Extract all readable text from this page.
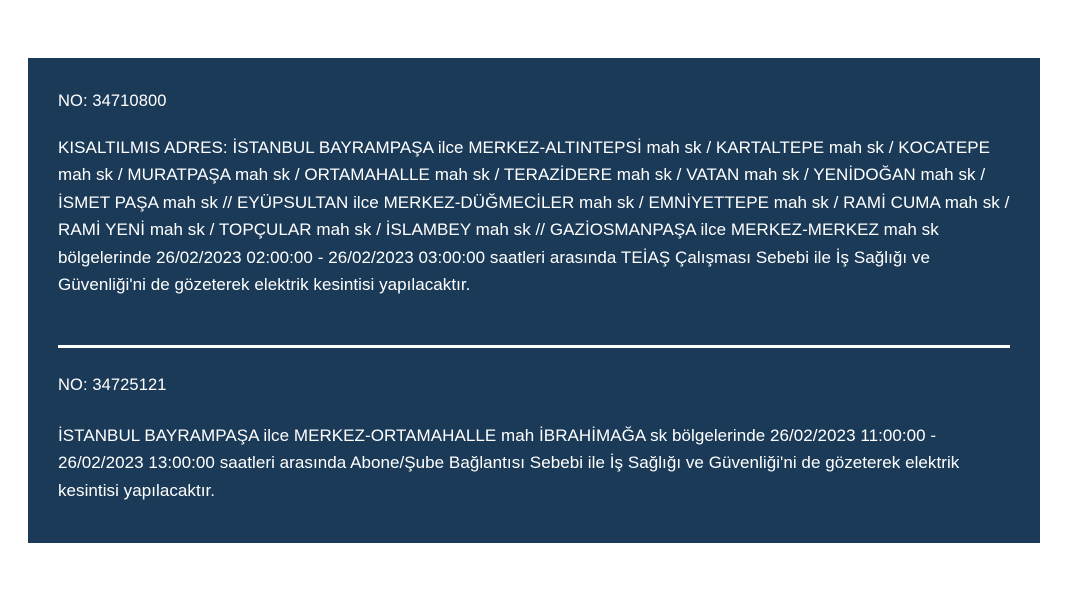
NO: 34710800
KISALTILMIS ADRES: İSTANBUL BAYRAMPAŞA ilce MERKEZ-ALTINTEPSİ mah sk / KARTALTEPE mah sk / KOCATEPE mah sk / MURATPAŞA mah sk / ORTAMAHALLE mah sk / TERAZİDERE mah sk / VATAN mah sk / YENİDOĞAN mah sk / İSMET PAŞA mah sk // EYÜPSULTAN ilce MERKEZ-DÜĞMECİLER mah sk / EMNİYETTEPE mah sk / RAMİ CUMA mah sk / RAMİ YENİ mah sk / TOPÇULAR mah sk / İSLAMBEY mah sk // GAZİOSMANPAŞA ilce MERKEZ-MERKEZ mah sk bölgelerinde 26/02/2023 02:00:00 - 26/02/2023 03:00:00 saatleri arasında TEİAŞ Çalışması Sebebi ile İş Sağlığı ve Güvenliği'ni de gözeterek elektrik kesintisi yapılacaktır.
NO: 34725121
İSTANBUL BAYRAMPAŞA ilce MERKEZ-ORTAMAHALLE mah İBRAHİMAĞA sk bölgelerinde 26/02/2023 11:00:00 - 26/02/2023 13:00:00 saatleri arasında Abone/Şube Bağlantısı Sebebi ile İş Sağlığı ve Güvenliği'ni de gözeterek elektrik kesintisi yapılacaktır.
